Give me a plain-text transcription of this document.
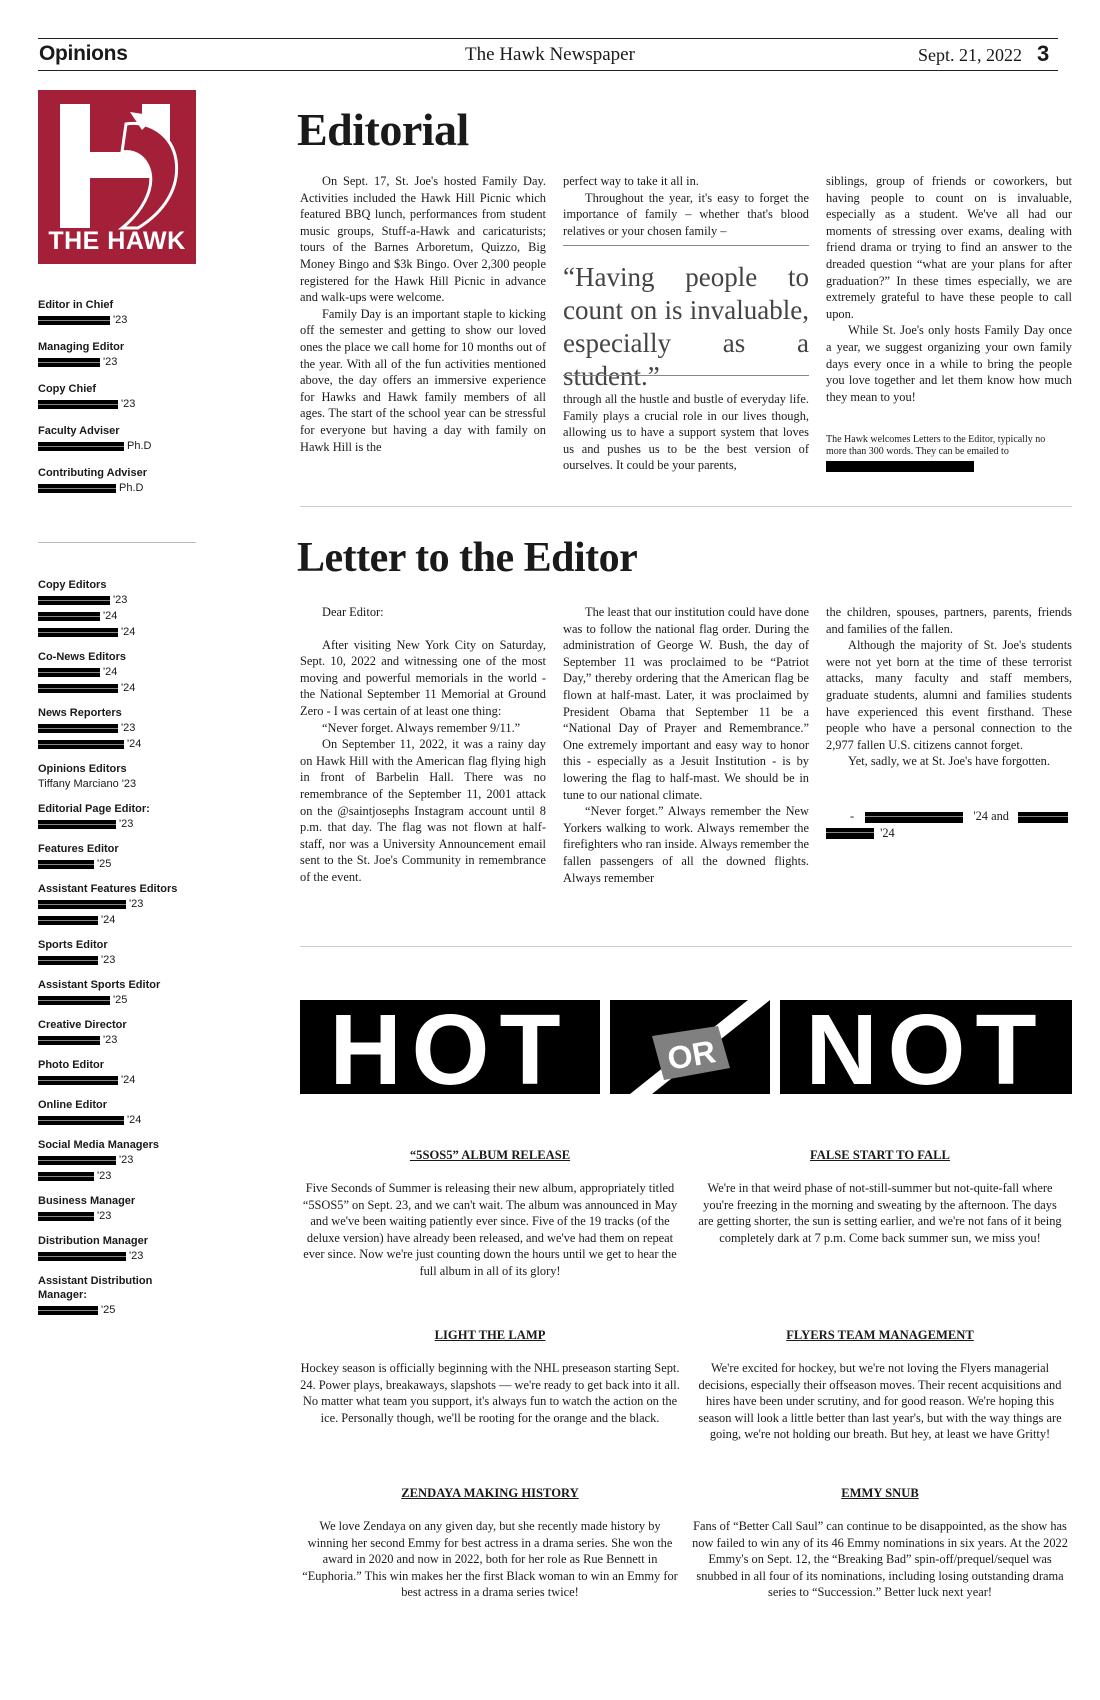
Opinions	The Hawk Newspaper	Sept. 21, 2022 3
THE HAWK
Editor in Chief
'23
Managing Editor
'23
Copy Chief
'23
Faculty Adviser
Ph.D
Contributing Adviser
Ph.D
Copy Editors
'23
'24
'24
Co-News Editors
'24
'24
News Reporters
'23
'24
Opinions Editors
Tiffany Marciano '23
Editorial Page Editor:
'23
Features Editor
'25
Assistant Features Editors
'23
'24
Sports Editor
'23
Assistant Sports Editor
'25
Creative Director
'23
Photo Editor
'24
Online Editor
'24
Social Media Managers
'23
'23
Business Manager
'23
Distribution Manager
'23
Assistant Distribution Manager:
'25
Editorial

On Sept. 17, St. Joe's hosted Family Day. Activities included the Hawk Hill Picnic which featured BBQ lunch, performances from student music groups, Stuff-a-Hawk and caricaturists; tours of the Barnes Arboretum, Quizzo, Big Money Bingo and $3k Bingo. Over 2,300 people registered for the Hawk Hill Picnic in advance and walk-ups were welcome.

Family Day is an important staple to kicking off the semester and getting to show our loved ones the place we call home for 10 months out of the year. With all of the fun activities mentioned above, the day offers an immersive experience for Hawks and Hawk family members of all ages. The start of the school year can be stressful for everyone but having a day with family on Hawk Hill is the

perfect way to take it all in.

Throughout the year, it's easy to forget the importance of family – whether that's blood relatives or your chosen family –

“Having people to count on is invaluable, especially as a student.”

through all the hustle and bustle of everyday life. Family plays a crucial role in our lives though, allowing us to have a support system that loves us and pushes us to be the best version of ourselves. It could be your parents,

siblings, group of friends or coworkers, but having people to count on is invaluable, especially as a student. We've all had our moments of stressing over exams, dealing with friend drama or trying to find an answer to the dreaded question “what are your plans for after graduation?” In these times especially, we are extremely grateful to have these people to call upon.

While St. Joe's only hosts Family Day once a year, we suggest organizing your own family days every once in a while to bring the people you love together and let them know how much they mean to you!

The Hawk welcomes Letters to the Editor, typically no more than 300 words. They can be emailed to
Letter to the Editor

Dear Editor:

After visiting New York City on Saturday, Sept. 10, 2022 and witnessing one of the most moving and powerful memorials in the world - the National September 11 Memorial at Ground Zero - I was certain of at least one thing:

“Never forget. Always remember 9/11.”

On September 11, 2022, it was a rainy day on Hawk Hill with the American flag flying high in front of Barbelin Hall. There was no remembrance of the September 11, 2001 attack on the @saintjosephs Instagram account until 8 p.m. that day. The flag was not flown at half-staff, nor was a University Announcement email sent to the St. Joe's Community in remembrance of the event.

The least that our institution could have done was to follow the national flag order. During the administration of George W. Bush, the day of September 11 was proclaimed to be “Patriot Day,” thereby ordering that the American flag be flown at half-mast. Later, it was proclaimed by President Obama that September 11 be a “National Day of Prayer and Remembrance.” One extremely important and easy way to honor this - especially as a Jesuit Institution - is by lowering the flag to half-mast. We should be in tune to our national climate.

“Never forget.” Always remember the New Yorkers walking to work. Always remember the firefighters who ran inside. Always remember the fallen passengers of all the downed flights. Always remember

the children, spouses, partners, parents, friends and families of the fallen.

Although the majority of St. Joe's students were not yet born at the time of these terrorist attacks, many faculty and staff members, graduate students, alumni and families students have experienced this event firsthand. These people who have a personal connection to the 2,977 fallen U.S. citizens cannot forget.

Yet, sadly, we at St. Joe's have forgotten.

-	'24 and
'24
HOT	OR NOT
“5SOS5” ALBUM RELEASE
Five Seconds of Summer is releasing their new album, appropriately titled “5SOS5” on Sept. 23, and we can't wait. The album was announced in May and we've been waiting patiently ever since. Five of the 19 tracks (of the deluxe version) have already been released, and we've had them on repeat ever since. Now we're just counting down the hours until we get to hear the full album in all of its glory!
FALSE START TO FALL
We're in that weird phase of not-still-summer but not-quite-fall where you're freezing in the morning and sweating by the afternoon. The days are getting shorter, the sun is setting earlier, and we're not fans of it being completely dark at 7 p.m. Come back summer sun, we miss you!
LIGHT THE LAMP
Hockey season is officially beginning with the NHL preseason starting Sept. 24. Power plays, breakaways, slapshots — we're ready to get back into it all. No matter what team you support, it's always fun to watch the action on the ice. Personally though, we'll be rooting for the orange and the black.
FLYERS TEAM MANAGEMENT
We're excited for hockey, but we're not loving the Flyers managerial decisions, especially their offseason moves. Their recent acquisitions and hires have been under scrutiny, and for good reason. We're hoping this season will look a little better than last year's, but with the way things are going, we're not holding our breath. But hey, at least we have Gritty!
ZENDAYA MAKING HISTORY
We love Zendaya on any given day, but she recently made history by winning her second Emmy for best actress in a drama series. She won the award in 2020 and now in 2022, both for her role as Rue Bennett in “Euphoria.” This win makes her the first Black woman to win an Emmy for best actress in a drama series twice!
EMMY SNUB
Fans of “Better Call Saul” can continue to be disappointed, as the show has now failed to win any of its 46 Emmy nominations in six years. At the 2022 Emmy's on Sept. 12, the “Breaking Bad” spin-off/prequel/sequel was snubbed in all four of its nominations, including losing outstanding drama series to “Succession.” Better luck next year!
